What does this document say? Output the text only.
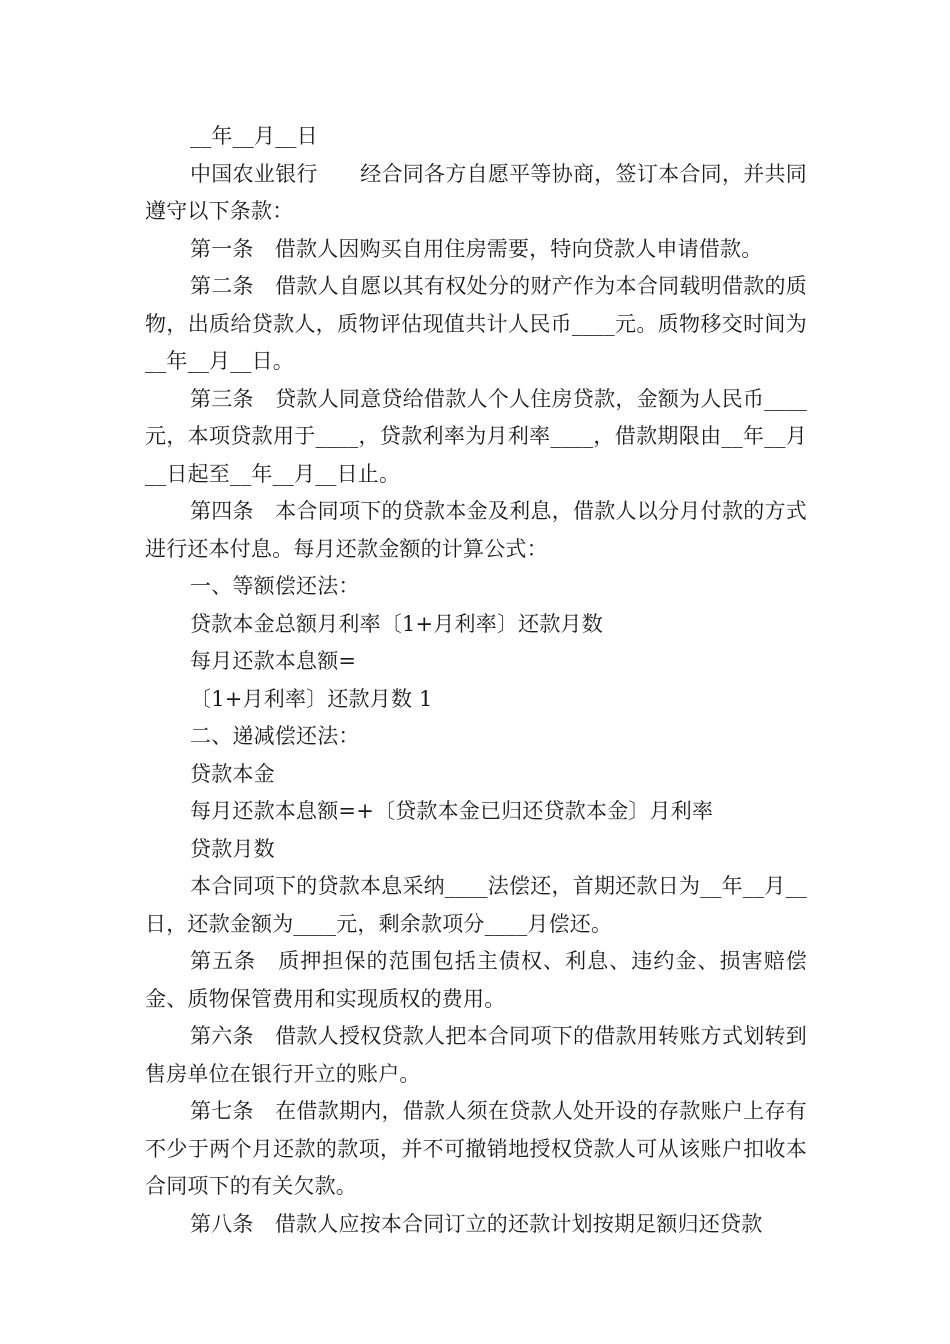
__年__月__日

中国农业银行　　经合同各方自愿平等协商，签订本合同，并共同遵守以下条款：

第一条　借款人因购买自用住房需要，特向贷款人申请借款。

第二条　借款人自愿以其有权处分的财产作为本合同载明借款的质物，出质给贷款人，质物评估现值共计人民币____元。质物移交时间为__年__月__日。

第三条　贷款人同意贷给借款人个人住房贷款，金额为人民币____元，本项贷款用于____，贷款利率为月利率____，借款期限由__年__月__日起至__年__月__日止。

第四条　本合同项下的贷款本金及利息，借款人以分月付款的方式进行还本付息。每月还款金额的计算公式：

一、等额偿还法：

贷款本金总额月利率〔1+月利率〕还款月数

每月还款本息额=

〔1+月利率〕还款月数 1

二、递减偿还法：

贷款本金

每月还款本息额=+〔贷款本金已归还贷款本金〕月利率

贷款月数

本合同项下的贷款本息采纳____法偿还，首期还款日为__年__月__日，还款金额为____元，剩余款项分____月偿还。

第五条　质押担保的范围包括主债权、利息、违约金、损害赔偿金、质物保管费用和实现质权的费用。

第六条　借款人授权贷款人把本合同项下的借款用转账方式划转到售房单位在银行开立的账户。

第七条　在借款期内，借款人须在贷款人处开设的存款账户上存有不少于两个月还款的款项，并不可撤销地授权贷款人可从该账户扣收本合同项下的有关欠款。

第八条　借款人应按本合同订立的还款计划按期足额归还贷款
